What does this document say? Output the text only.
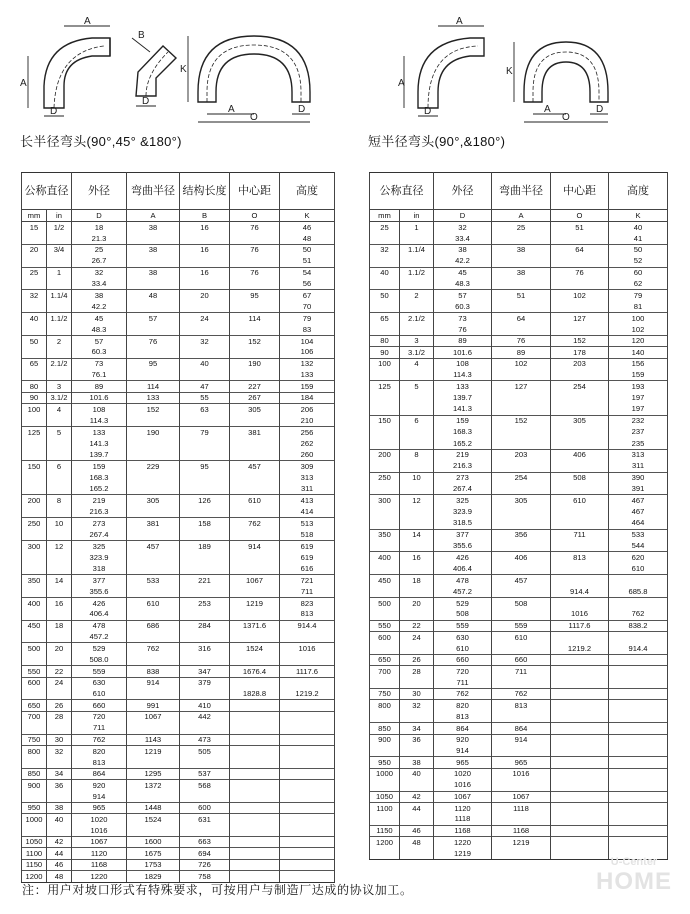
A
A
D
B
D
K
A	D
O
A
A
D
K
A	D
O
长半径弯头(90°,45° &180°)	短半径弯头(90°,&180°)
公称直径		外径	弯曲半径	结构长度	中心距	高度
mm	in	D	A	B	O	K
15	1/2	18	38	16	76	46
		21.3				48
20	3/4	25	38	16	76	50
		26.7				51
25	1	32	38	16	76	54
		33.4				56
32	1.1/4	38	48	20	95	67
		42.2				70
40	1.1/2	45	57	24	114	79
		48.3				83
50	2	57	76	32	152	104
		60.3				106
65	2.1/2	73	95	40	190	132
		76.1				133
80	3	89	114	47	227	159
90	3.1/2	101.6	133	55	267	184
100	4	108	152	63	305	206
		114.3				210
125	5	133	190	79	381	256
		141.3				262
		139.7				260
150	6	159	229	95	457	309
		168.3				313
		165.2				311
200	8	219	305	126	610	413
		216.3				414
250	10	273	381	158	762	513
		267.4				518
300	12	325	457	189	914	619
		323.9				619
		318				616
350	14	377	533	221	1067	721
		355.6				711
400	16	426	610	253	1219	823
		406.4				813
450	18	478	686	284	1371.6	914.4
		457.2				
500	20	529	762	316	1524	1016
		508.0				
550	22	559	838	347	1676.4	1117.6
600	24	630	914	379		
		610			1828.8	1219.2
650	26	660	991	410		
700	28	720	1067	442		
		711				
750	30	762	1143	473		
800	32	820	1219	505		
		813				
850	34	864	1295	537		
900	36	920	1372	568		
		914				
950	38	965	1448	600		
1000	40	1020	1524	631		
		1016				
1050	42	1067	1600	663		
1100	44	1120	1675	694		
1150	46	1168	1753	726		
1200	48	1220	1829	758		
公称直径		外径	弯曲半径	中心距	高度
mm	in	D	A	O	K
25	1	32	25	51	40
		33.4			41
32	1.1/4	38	38	64	50
		42.2			52
40	1.1/2	45	38	76	60
		48.3			62
50	2	57	51	102	79
		60.3			81
65	2.1/2	73	64	127	100
		76			102
80	3	89	76	152	120
90	3.1/2	101.6	89	178	140
100	4	108	102	203	156
		114.3			159
125	5	133	127	254	193
		139.7			197
		141.3			197
150	6	159	152	305	232
		168.3			237
		165.2			235
200	8	219	203	406	313
		216.3			311
250	10	273	254	508	390
		267.4			391
300	12	325	305	610	467
		323.9			467
		318.5			464
350	14	377	356	711	533
		355.6			544
400	16	426	406	813	620
		406.4			610
450	18	478	457		
		457.2		914.4	685.8
500	20	529	508		
		508		1016	762
550	22	559	559	1117.6	838.2
600	24	630	610		
		610		1219.2	914.4
650	26	660	660		
700	28	720	711		
		711			
750	30	762	762		
800	32	820	813		
		813			
850	34	864	864		
900	36	920	914		
		914			
950	38	965	965		
1000	40	1020	1016		
		1016			
1050	42	1067	1067		
1100	44	1120	1118		
		1118			
1150	46	1168	1168		
1200	48	1220	1219		
		1219			
注：用户对坡口形式有特殊要求，可按用户与制造厂达成的协议加工。
U-Center
HOME
